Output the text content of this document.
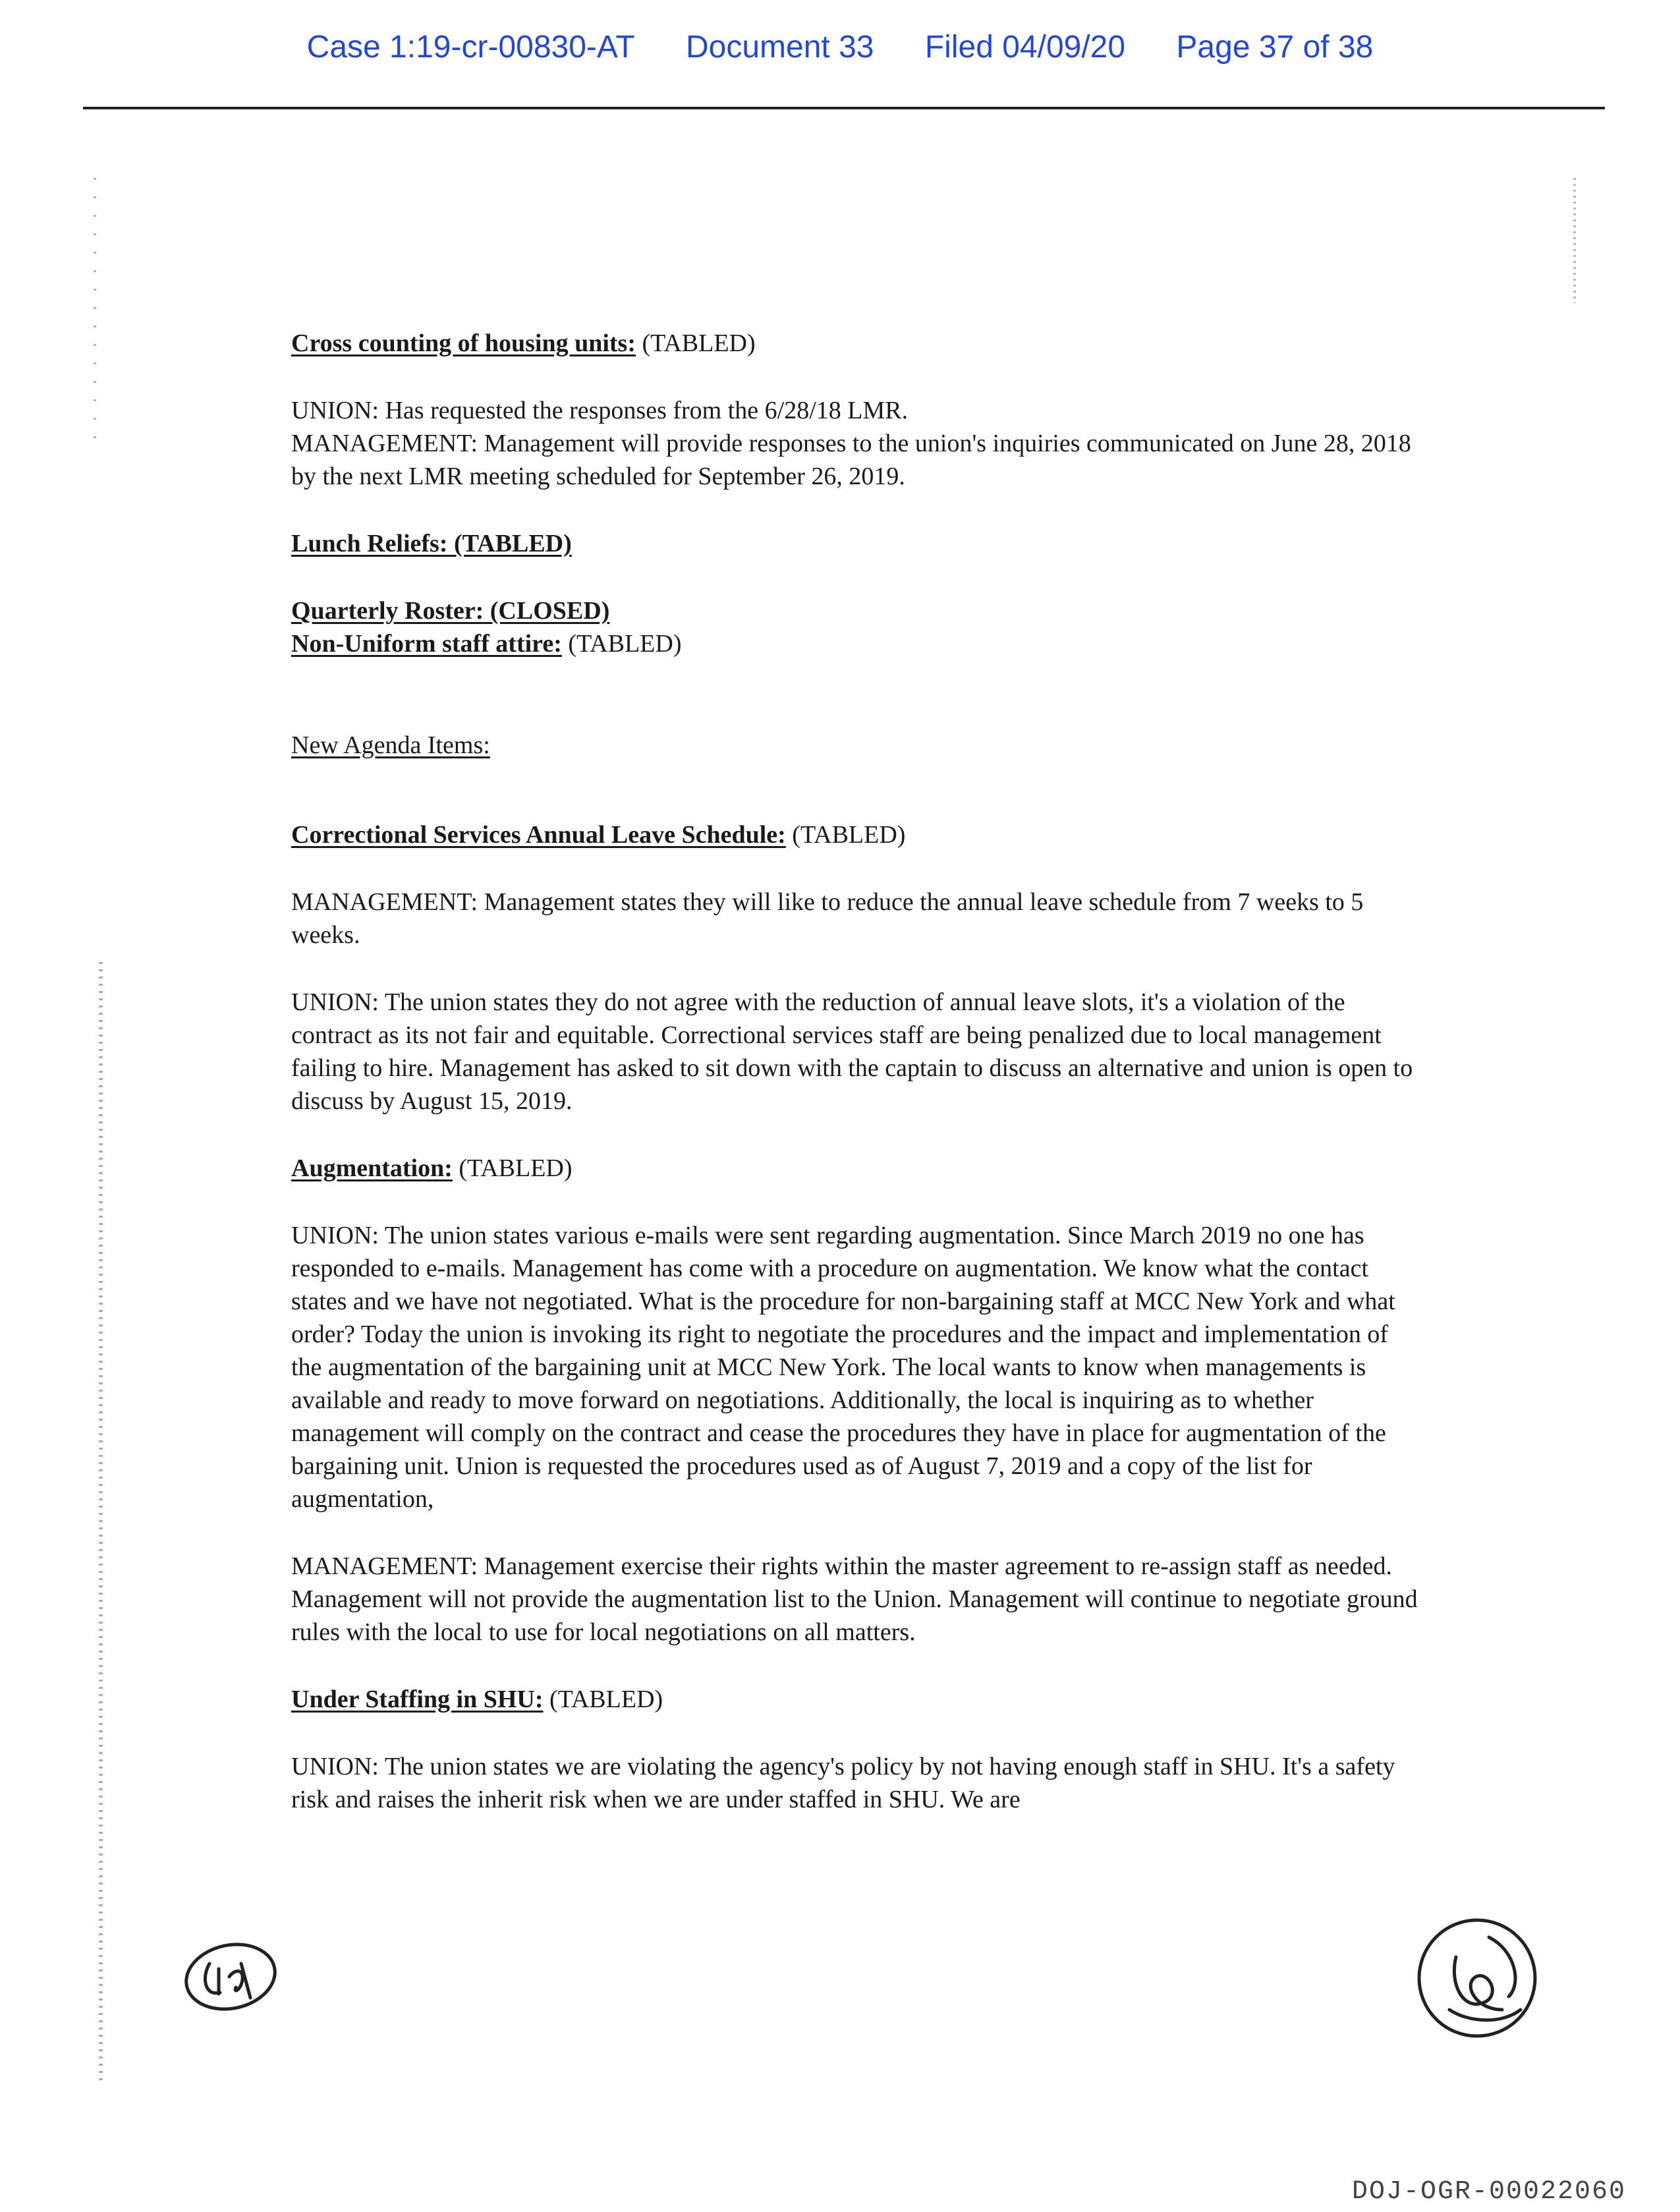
Case 1:19-cr-00830-AT Document 33 Filed 04/09/20 Page 37 of 38

Cross counting of housing units: (TABLED)

UNION: Has requested the responses from the 6/28/18 LMR.

MANAGEMENT: Management will provide responses to the union's inquiries communicated on June 28, 2018 by the next LMR meeting scheduled for September 26, 2019.

Lunch Reliefs: (TABLED)

Quarterly Roster: (CLOSED)

Non-Uniform staff attire: (TABLED)

New Agenda Items:

Correctional Services Annual Leave Schedule: (TABLED)

MANAGEMENT: Management states they will like to reduce the annual leave schedule from 7 weeks to 5 weeks.

UNION: The union states they do not agree with the reduction of annual leave slots, it's a violation of the contract as its not fair and equitable. Correctional services staff are being penalized due to local management failing to hire. Management has asked to sit down with the captain to discuss an alternative and union is open to discuss by August 15, 2019.

Augmentation: (TABLED)

UNION: The union states various e-mails were sent regarding augmentation. Since March 2019 no one has responded to e-mails. Management has come with a procedure on augmentation. We know what the contact states and we have not negotiated. What is the procedure for non-bargaining staff at MCC New York and what order? Today the union is invoking its right to negotiate the procedures and the impact and implementation of the augmentation of the bargaining unit at MCC New York. The local wants to know when managements is available and ready to move forward on negotiations. Additionally, the local is inquiring as to whether management will comply on the contract and cease the procedures they have in place for augmentation of the bargaining unit. Union is requested the procedures used as of August 7, 2019 and a copy of the list for augmentation,

MANAGEMENT: Management exercise their rights within the master agreement to re-assign staff as needed. Management will not provide the augmentation list to the Union. Management will continue to negotiate ground rules with the local to use for local negotiations on all matters.

Under Staffing in SHU: (TABLED)

UNION: The union states we are violating the agency's policy by not having enough staff in SHU. It's a safety risk and raises the inherit risk when we are under staffed in SHU. We are

DOJ-OGR-00022060
